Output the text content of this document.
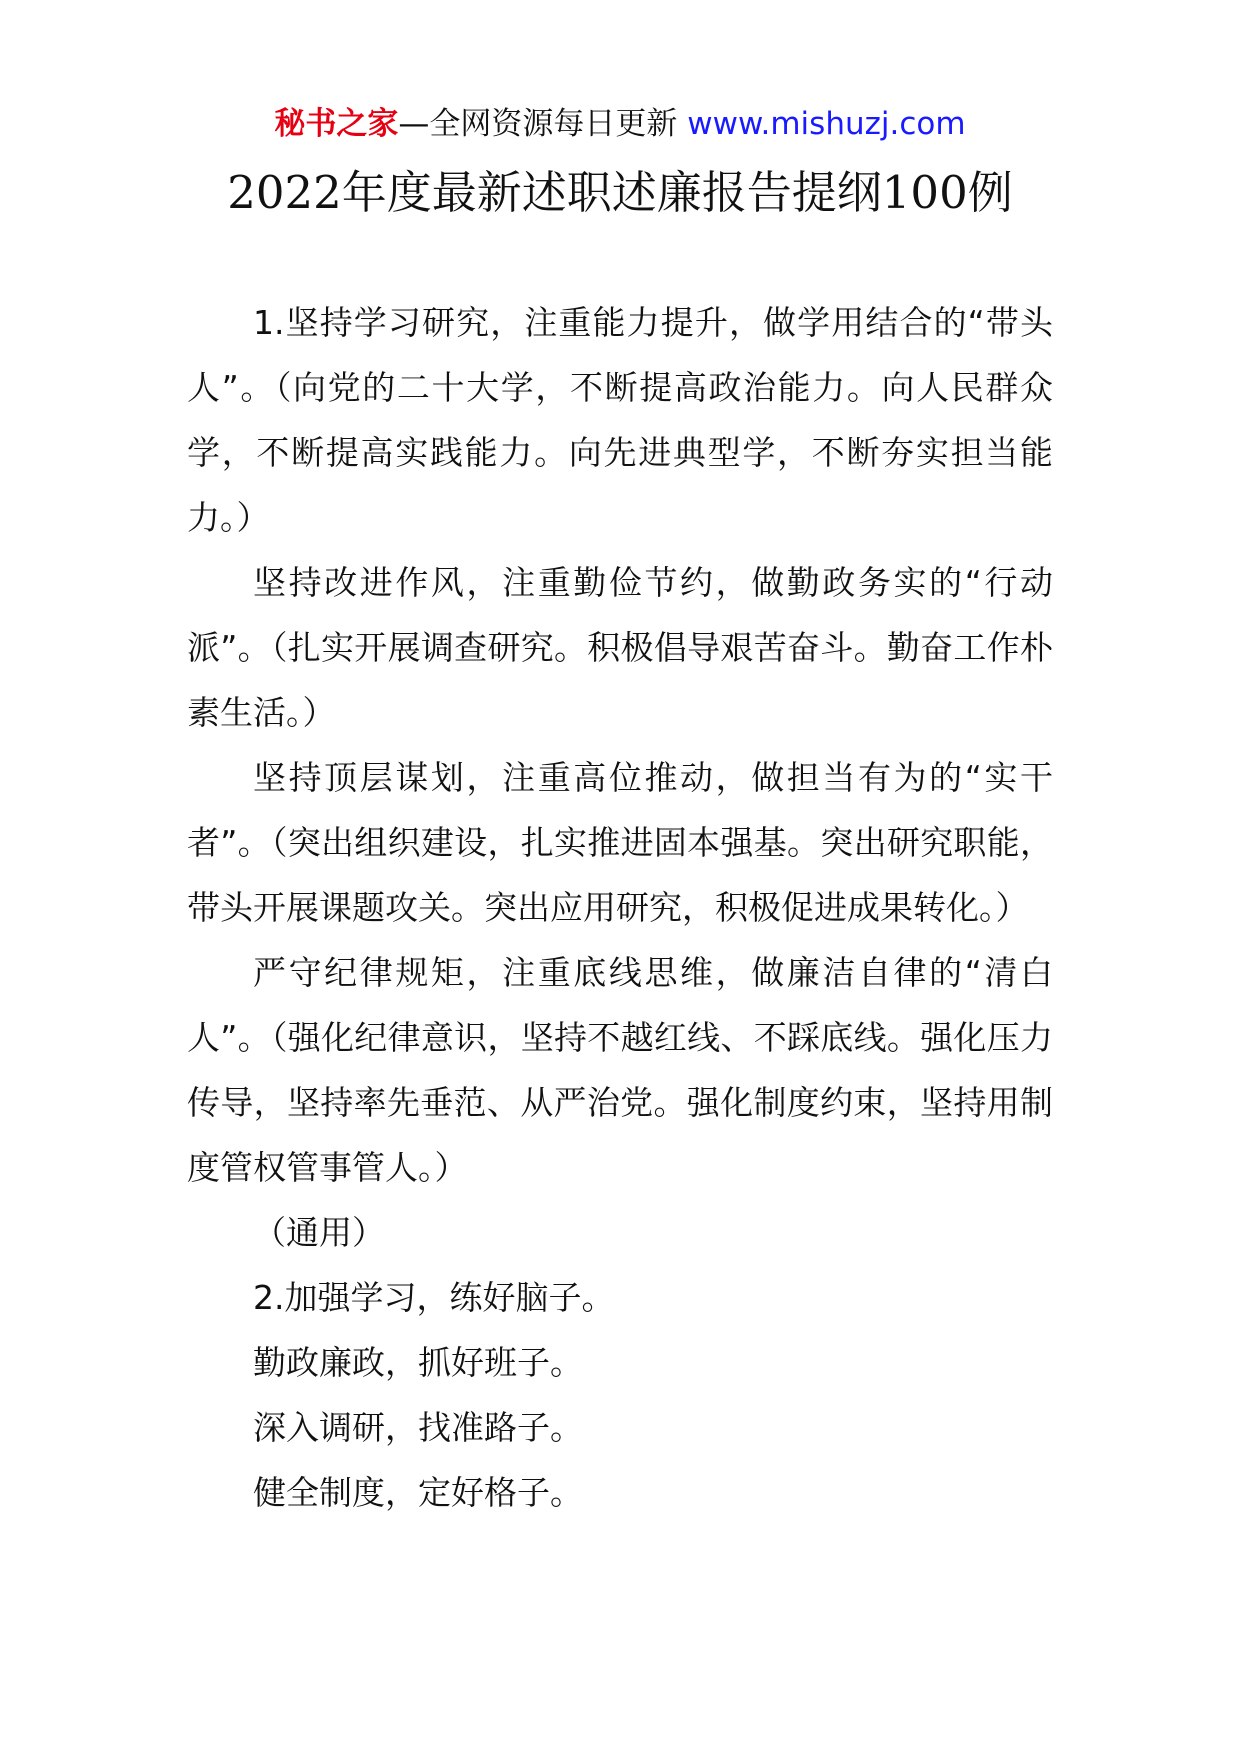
秘书之家—全网资源每日更新 www.mishuzj.com
2022年度最新述职述廉报告提纲100例

1.坚持学习研究，注重能力提升，做学用结合的“带头人”。（向党的二十大学，不断提高政治能力。向人民群众学，不断提高实践能力。向先进典型学，不断夯实担当能力。）

坚持改进作风，注重勤俭节约，做勤政务实的“行动派”。（扎实开展调查研究。积极倡导艰苦奋斗。勤奋工作朴素生活。）

坚持顶层谋划，注重高位推动，做担当有为的“实干者”。（突出组织建设，扎实推进固本强基。突出研究职能，带头开展课题攻关。突出应用研究，积极促进成果转化。）

严守纪律规矩，注重底线思维，做廉洁自律的“清白人”。（强化纪律意识，坚持不越红线、不踩底线。强化压力传导，坚持率先垂范、从严治党。强化制度约束，坚持用制度管权管事管人。）

（通用）

2.加强学习，练好脑子。

勤政廉政，抓好班子。

深入调研，找准路子。

健全制度，定好格子。
